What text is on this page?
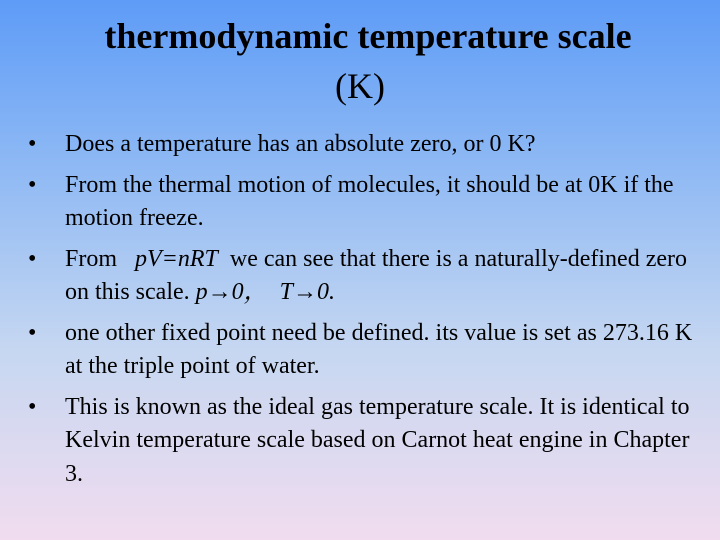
thermodynamic temperature scale
(K)
•	Does a temperature has an absolute zero, or 0 K?
•	From the thermal motion of molecules, it should be at 0K if the motion freeze.
•	From pV=nRT we can see that there is a naturally-defined zero on this scale. p→0， T→0.
•	one other fixed point need be defined. its value is set as 273.16 K at the triple point of water.
•	This is known as the ideal gas temperature scale. It is identical to Kelvin temperature scale based on Carnot heat engine in Chapter 3.
